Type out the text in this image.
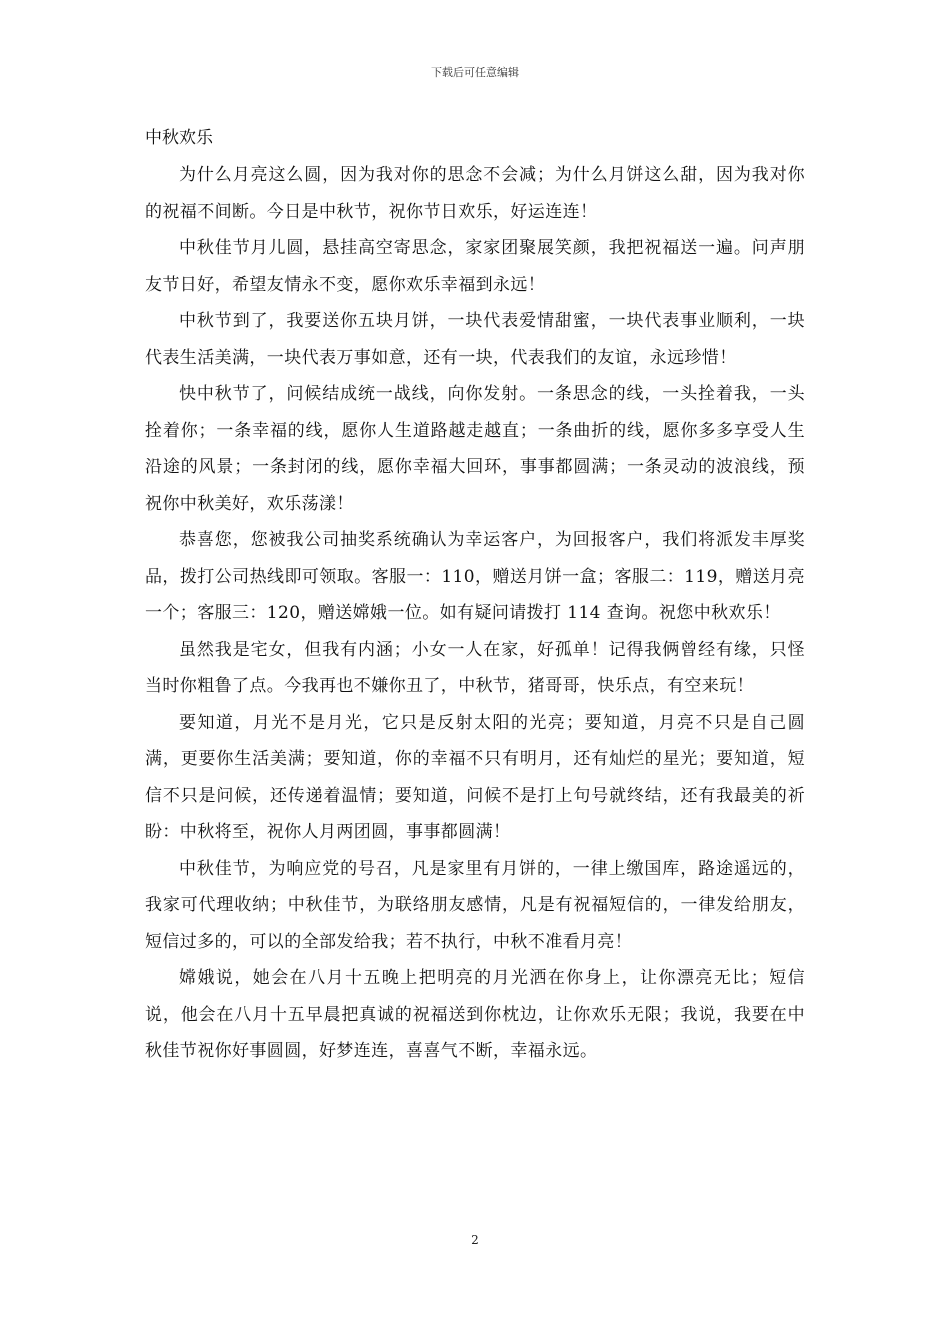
下载后可任意编辑
中秋欢乐

为什么月亮这么圆，因为我对你的思念不会减；为什么月饼这么甜，因为我对你的祝福不间断。今日是中秋节，祝你节日欢乐，好运连连！

中秋佳节月儿圆，悬挂高空寄思念，家家团聚展笑颜，我把祝福送一遍。问声朋友节日好，希望友情永不变，愿你欢乐幸福到永远！

中秋节到了，我要送你五块月饼，一块代表爱情甜蜜，一块代表事业顺利，一块代表生活美满，一块代表万事如意，还有一块，代表我们的友谊，永远珍惜！

快中秋节了，问候结成统一战线，向你发射。一条思念的线，一头拴着我，一头拴着你；一条幸福的线，愿你人生道路越走越直；一条曲折的线，愿你多多享受人生沿途的风景；一条封闭的线，愿你幸福大回环，事事都圆满；一条灵动的波浪线，预祝你中秋美好，欢乐荡漾！

恭喜您，您被我公司抽奖系统确认为幸运客户，为回报客户，我们将派发丰厚奖品，拨打公司热线即可领取。客服一：110，赠送月饼一盒；客服二：119，赠送月亮一个；客服三：120，赠送嫦娥一位。如有疑问请拨打 114 查询。祝您中秋欢乐！

虽然我是宅女，但我有内涵；小女一人在家，好孤单！记得我俩曾经有缘，只怪当时你粗鲁了点。今我再也不嫌你丑了，中秋节，猪哥哥，快乐点，有空来玩！

要知道，月光不是月光，它只是反射太阳的光亮；要知道，月亮不只是自己圆满，更要你生活美满；要知道，你的幸福不只有明月，还有灿烂的星光；要知道，短信不只是问候，还传递着温情；要知道，问候不是打上句号就终结，还有我最美的祈盼：中秋将至，祝你人月两团圆，事事都圆满！

中秋佳节，为响应党的号召，凡是家里有月饼的，一律上缴国库，路途遥远的，我家可代理收纳；中秋佳节，为联络朋友感情，凡是有祝福短信的，一律发给朋友，短信过多的，可以的全部发给我；若不执行，中秋不准看月亮！

嫦娥说，她会在八月十五晚上把明亮的月光洒在你身上，让你漂亮无比；短信说，他会在八月十五早晨把真诚的祝福送到你枕边，让你欢乐无限；我说，我要在中秋佳节祝你好事圆圆，好梦连连，喜喜气不断，幸福永远。

2
